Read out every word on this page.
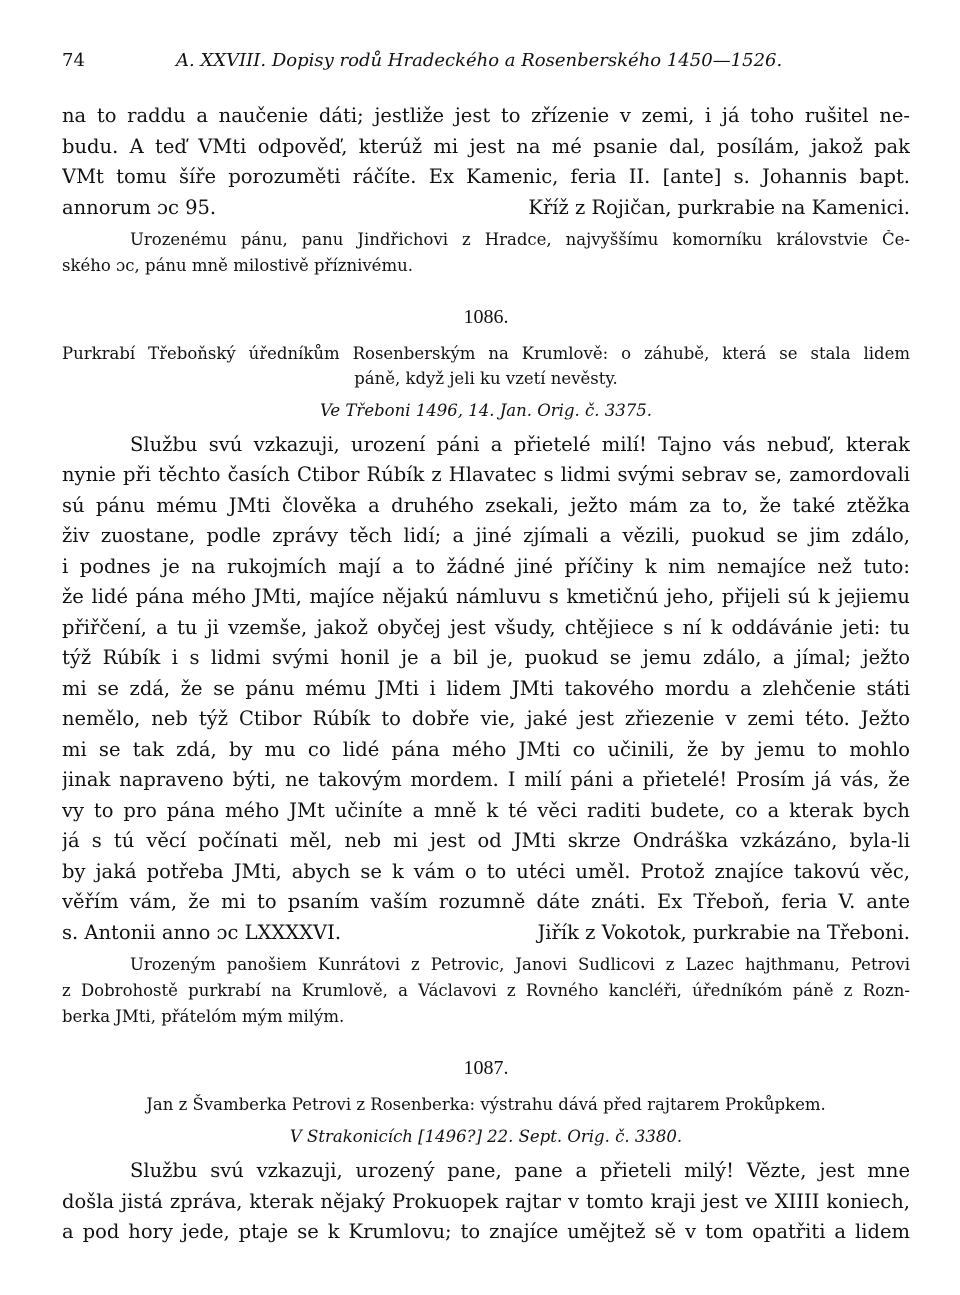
74	A. XXVIII. Dopisy rodů Hradeckého a Rosenberského 1450—1526.
na to raddu a naučenie dáti; jestliže jest to zřízenie v zemi, i já toho rušitel ne-
budu. A teď VMti odpověď, kterúž mi jest na mé psanie dal, posílám, jakož pak
VMt tomu šíře porozuměti ráčíte. Ex Kamenic, feria II. [ante] s. Johannis bapt.
annorum ɔc 95.	Kříž z Rojičan, purkrabie na Kamenici.
Urozenému pánu, panu Jindřichovi z Hradce, najvyššímu komorníku královstvie Če-
ského ɔc, pánu mně milostivě příznivému.
1086.
Purkrabí Třeboňský úředníkům Rosenberským na Krumlově: o záhubě, která se stala lidem
páně, když jeli ku vzetí nevěsty.
Ve Třeboni 1496, 14. Jan. Orig. č. 3375.
Službu svú vzkazuji, urození páni a přietelé milí! Tajno vás nebuď, kterak
nynie při těchto časích Ctibor Rúbík z Hlavatec s lidmi svými sebrav se, zamordovali
sú pánu mému JMti člověka a druhého zsekali, ježto mám za to, že také ztěžka
živ zuostane, podle zprávy těch lidí; a jiné zjímali a vězili, puokud se jim zdálo,
i podnes je na rukojmích mají a to žádné jiné příčiny k nim nemajíce než tuto:
že lidé pána mého JMti, majíce nějakú námluvu s kmetičnú jeho, přijeli sú k jejiemu
přiřčení, a tu ji vzemše, jakož obyčej jest všudy, chtějiece s ní k oddávánie jeti: tu
týž Rúbík i s lidmi svými honil je a bil je, puokud se jemu zdálo, a jímal; ježto
mi se zdá, že se pánu mému JMti i lidem JMti takového mordu a zlehčenie státi
nemělo, neb týž Ctibor Rúbík to dobře vie, jaké jest zřiezenie v zemi této. Ježto
mi se tak zdá, by mu co lidé pána mého JMti co učinili, že by jemu to mohlo
jinak napraveno býti, ne takovým mordem. I milí páni a přietelé! Prosím já vás, že
vy to pro pána mého JMt učiníte a mně k té věci raditi budete, co a kterak bych
já s tú věcí počínati měl, neb mi jest od JMti skrze Ondráška vzkázáno, byla-li
by jaká potřeba JMti, abych se k vám o to utéci uměl. Protož znajíce takovú věc,
věřím vám, že mi to psaním vaším rozumně dáte znáti. Ex Třeboň, feria V. ante
s. Antonii anno ɔc LXXXXVI.	Jiřík z Vokotok, purkrabie na Třeboni.
Urozeným panošiem Kunrátovi z Petrovic, Janovi Sudlicovi z Lazec hajthmanu, Petrovi
z Dobrohostě purkrabí na Krumlově, a Václavovi z Rovného kancléři, úředníkóm páně z Rozn-
berka JMti, přátelóm mým milým.
1087.
Jan z Švamberka Petrovi z Rosenberka: výstrahu dává před rajtarem Prokůpkem.
V Strakonicích [1496?] 22. Sept. Orig. č. 3380.
Službu svú vzkazuji, urozený pane, pane a přieteli milý! Vězte, jest mne
došla jistá zpráva, kterak nějaký Prokuopek rajtar v tomto kraji jest ve XIIII koniech,
a pod hory jede, ptaje se k Krumlovu; to znajíce umějtež sě v tom opatřiti a lidem
